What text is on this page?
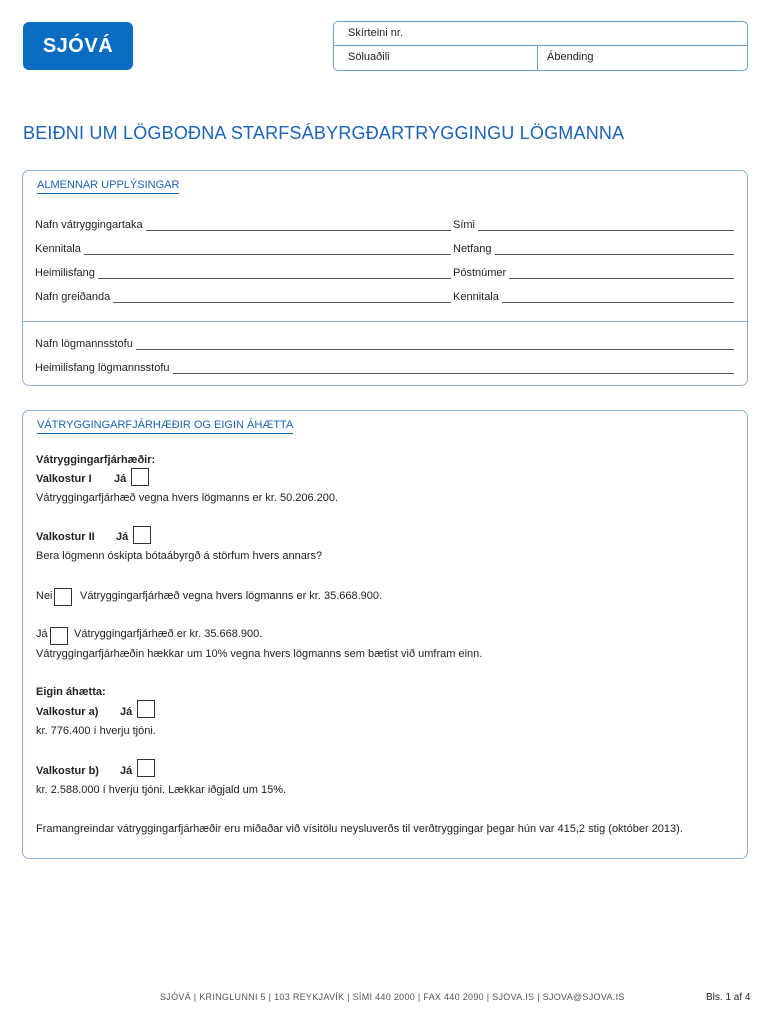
SJÓVÁ
Skírteini nr.
Söluaðili	Ábending
BEIÐNI UM LÖGBOÐNA STARFSÁBYRGÐARTRYGGINGU LÖGMANNA
ALMENNAR UPPLÝSINGAR
Nafn vátryggingartaka
Kennitala
Heimilisfang
Nafn greiðanda
Sími
Netfang
Póstnúmer
Kennitala
Nafn lögmannsstofu
Heimilisfang lögmannsstofu
VÁTRYGGINGARFJÁRHÆÐIR OG EIGIN ÁHÆTTA
Vátryggingarfjárhæðir:
Valkostur I Já
Vátryggingarfjárhæð vegna hvers lögmanns er kr. 50.206.200.
Valkostur II Já
Bera lögmenn óskipta bótaábyrgð á störfum hvers annars?
Nei Vátryggingarfjárhæð vegna hvers lögmanns er kr. 35.668.900.
Já Vátryggingarfjárhæð er kr. 35.668.900.
Vátryggingarfjárhæðin hækkar um 10% vegna hvers lögmanns sem bætist við umfram einn.
Eigin áhætta:
Valkostur a) Já
kr. 776.400 í hverju tjóni.
Valkostur b) Já
kr. 2.588.000 í hverju tjóni. Lækkar iðgjald um 15%.
Framangreindar vátryggingarfjárhæðir eru miðaðar við vísitölu neysluverðs til verðtryggingar þegar hún var 415,2 stig (október 2013).
SJÓVÁ | KRINGLUNNI 5 | 103 REYKJAVÍK | SÍMI 440 2000 | FAX 440 2090 | SJOVA.IS | SJOVA@SJOVA.IS	Bls. 1 af 4
